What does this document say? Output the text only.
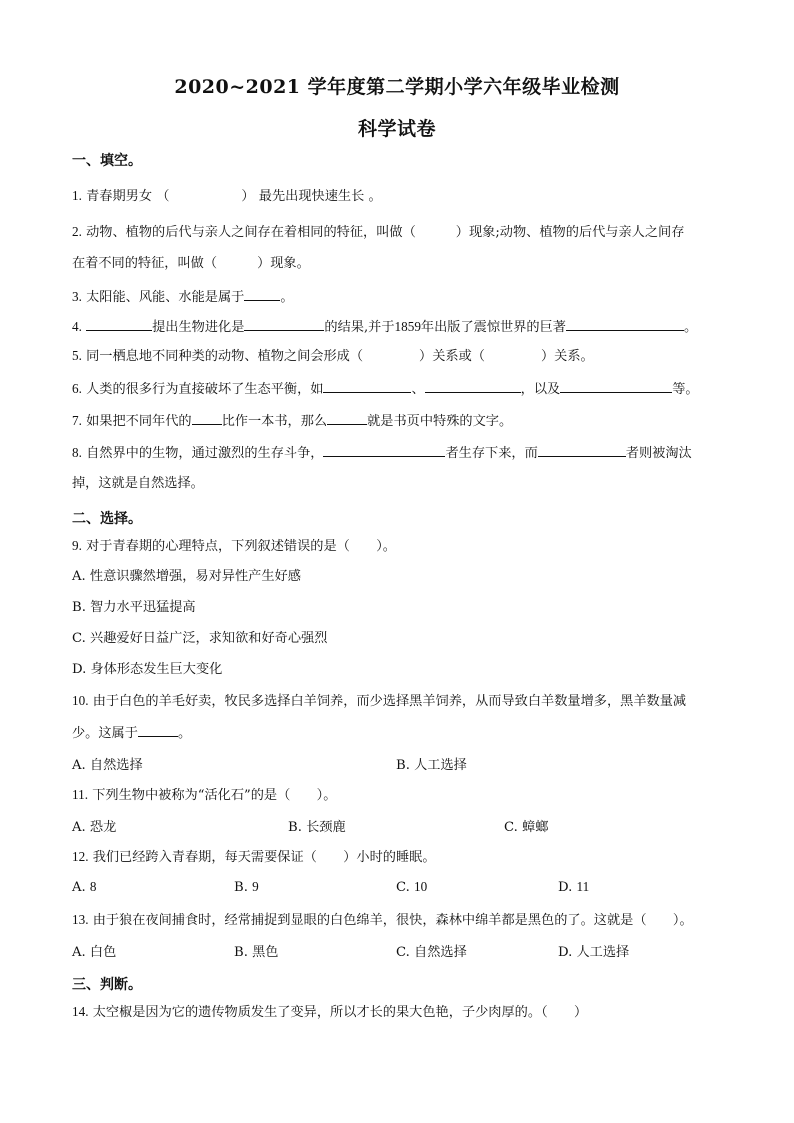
2020~2021 学年度第二学期小学六年级毕业检测
科学试卷
一、填空。
1. 青春期男女 （	） 最先出现快速生长 。
2. 动物、植物的后代与亲人之间存在着相同的特征，叫做（	）现象;动物、植物的后代与亲人之间存
在着不同的特征，叫做（	）现象。
3. 太阳能、风能、水能是属于	。
4.	提出生物进化是	的结果,并于1859年出版了震惊世界的巨著	。
5. 同一栖息地不同种类的动物、植物之间会形成（	）关系或（	）关系。
6. 人类的很多行为直接破坏了生态平衡，如	、	，以及	等。
7. 如果把不同年代的 比作一本书，那么	就是书页中特殊的文字。
8. 自然界中的生物，通过激烈的生存斗争，	者生存下来，而	者则被淘汰
掉，这就是自然选择。
二、选择。
9. 对于青春期的心理特点，下列叙述错误的是（　　）。
A. 性意识骤然增强，易对异性产生好感
B. 智力水平迅猛提高
C. 兴趣爱好日益广泛，求知欲和好奇心强烈
D. 身体形态发生巨大变化
10. 由于白色的羊毛好卖，牧民多选择白羊饲养，而少选择黑羊饲养，从而导致白羊数量增多，黑羊数量减
少。这属于	。
A. 自然选择	B. 人工选择
11. 下列生物中被称为“活化石”的是（　　）。
A. 恐龙	B. 长颈鹿	C. 蟑螂
12. 我们已经跨入青春期，每天需要保证（　　）小时的睡眠。
A. 8	B. 9	C. 10	D. 11
13. 由于狼在夜间捕食时，经常捕捉到显眼的白色绵羊，很快，森林中绵羊都是黑色的了。这就是（　　）。
A. 白色	B. 黑色	C. 自然选择	D. 人工选择
三、判断。
14. 太空椒是因为它的遗传物质发生了变异，所以才长的果大色艳，子少肉厚的。（　　）
